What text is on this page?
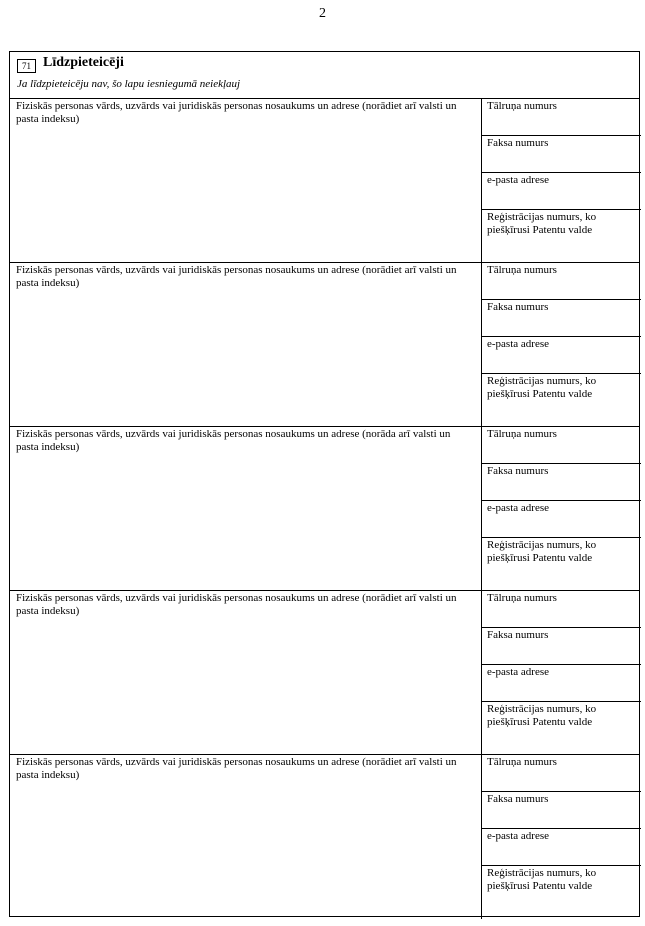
2
71 Līdzpieteicēji
Ja līdzpieteicēju nav, šo lapu iesniegumā neiekļauj
Fiziskās personas vārds, uzvārds vai juridiskās personas nosaukums un adrese (norādiet arī valsti un pasta indeksu)
Tālruņa numurs
Faksa numurs
e-pasta adrese
Reģistrācijas numurs, ko piešķīrusi Patentu valde
Fiziskās personas vārds, uzvārds vai juridiskās personas nosaukums un adrese (norādiet arī valsti un pasta indeksu)
Tālruņa numurs
Faksa numurs
e-pasta adrese
Reģistrācijas numurs, ko piešķīrusi Patentu valde
Fiziskās personas vārds, uzvārds vai juridiskās personas nosaukums un adrese (norāda arī valsti un pasta indeksu)
Tālruņa numurs
Faksa numurs
e-pasta adrese
Reģistrācijas numurs, ko piešķīrusi Patentu valde
Fiziskās personas vārds, uzvārds vai juridiskās personas nosaukums un adrese (norādiet arī valsti un pasta indeksu)
Tālruņa numurs
Faksa numurs
e-pasta adrese
Reģistrācijas numurs, ko piešķīrusi Patentu valde
Fiziskās personas vārds, uzvārds vai juridiskās personas nosaukums un adrese (norādiet arī valsti un pasta indeksu)
Tālruņa numurs
Faksa numurs
e-pasta adrese
Reģistrācijas numurs, ko piešķīrusi Patentu valde
